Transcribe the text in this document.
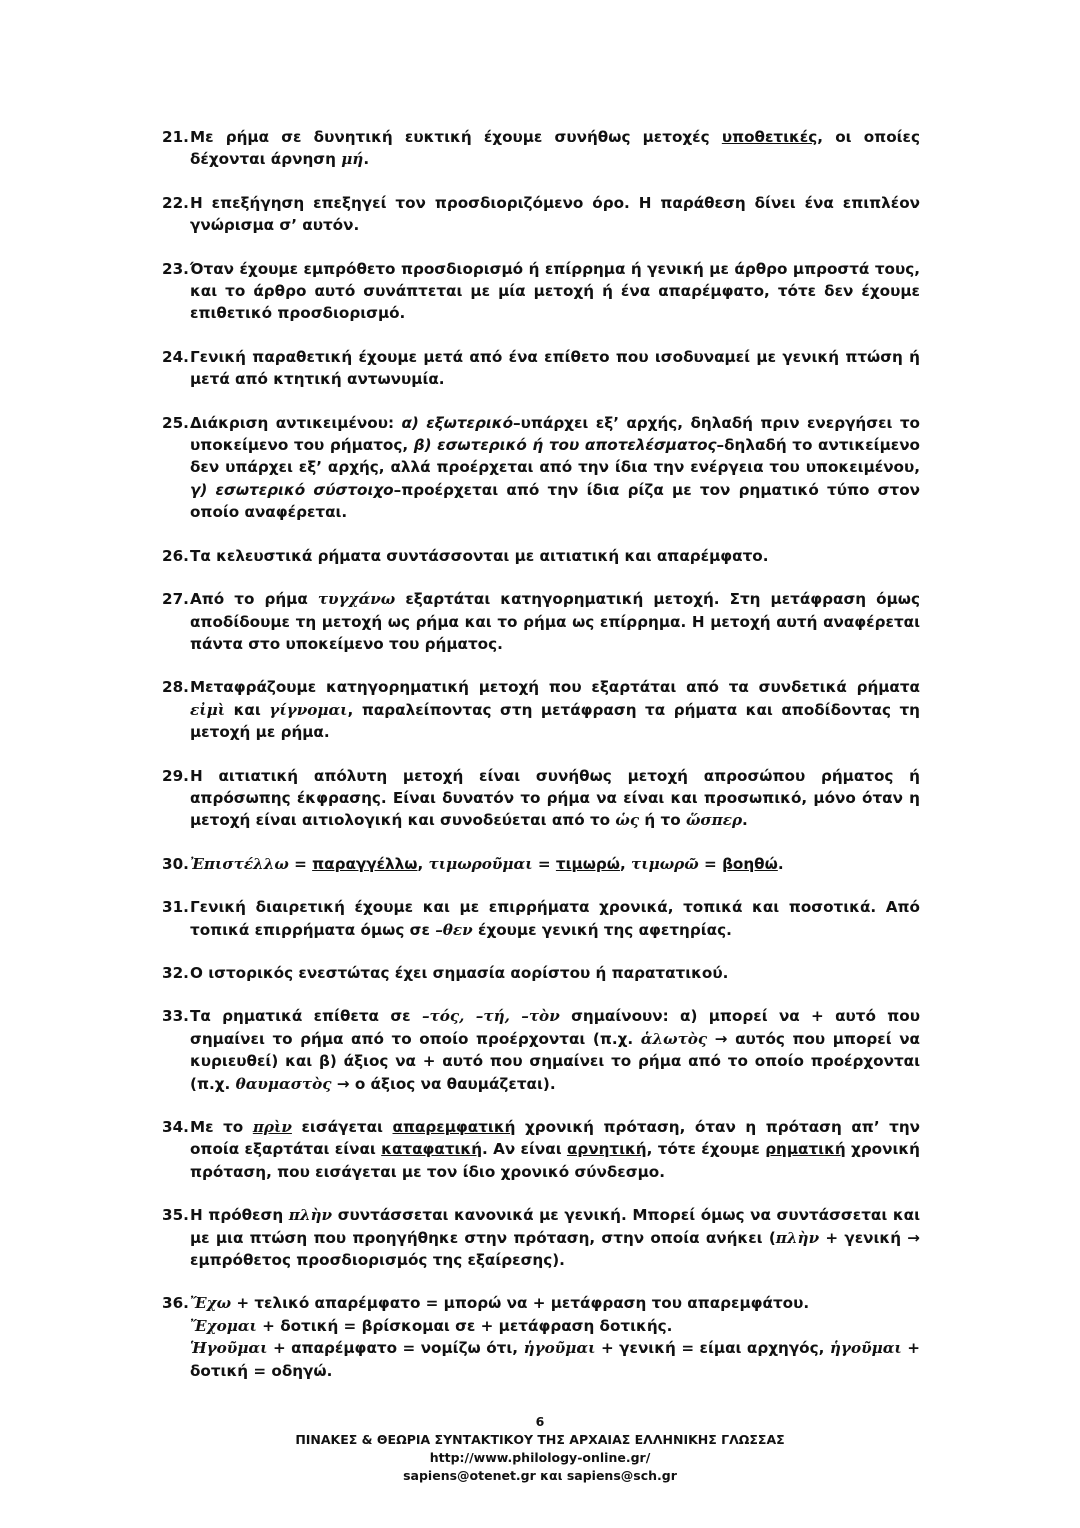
21. Με ρήμα σε δυνητική ευκτική έχουμε συνήθως μετοχές υποθετικές, οι οποίες δέχονται άρνηση μή.
22. Η επεξήγηση επεξηγεί τον προσδιοριζόμενο όρο. Η παράθεση δίνει ένα επιπλέον γνώρισμα σ’ αυτόν.
23. Όταν έχουμε εμπρόθετο προσδιορισμό ή επίρρημα ή γενική με άρθρο μπροστά τους, και το άρθρο αυτό συνάπτεται με μία μετοχή ή ένα απαρέμφατο, τότε δεν έχουμε επιθετικό προσδιορισμό.
24. Γενική παραθετική έχουμε μετά από ένα επίθετο που ισοδυναμεί με γενική πτώση ή μετά από κτητική αντωνυμία.
25. Διάκριση αντικειμένου: α) εξωτερικό–υπάρχει εξ’ αρχής, δηλαδή πριν ενεργήσει το υποκείμενο του ρήματος, β) εσωτερικό ή του αποτελέσματος–δηλαδή το αντικείμενο δεν υπάρχει εξ’ αρχής, αλλά προέρχεται από την ίδια την ενέργεια του υποκειμένου, γ) εσωτερικό σύστοιχο–προέρχεται από την ίδια ρίζα με τον ρηματικό τύπο στον οποίο αναφέρεται.
26. Τα κελευστικά ρήματα συντάσσονται με αιτιατική και απαρέμφατο.
27. Από το ρήμα τυγχάνω εξαρτάται κατηγορηματική μετοχή. Στη μετάφραση όμως αποδίδουμε τη μετοχή ως ρήμα και το ρήμα ως επίρρημα. Η μετοχή αυτή αναφέρεται πάντα στο υποκείμενο του ρήματος.
28. Μεταφράζουμε κατηγορηματική μετοχή που εξαρτάται από τα συνδετικά ρήματα εἰμὶ και γίγνομαι, παραλείποντας στη μετάφραση τα ρήματα και αποδίδοντας τη μετοχή με ρήμα.
29. Η αιτιατική απόλυτη μετοχή είναι συνήθως μετοχή απροσώπου ρήματος ή απρόσωπης έκφρασης. Είναι δυνατόν το ρήμα να είναι και προσωπικό, μόνο όταν η μετοχή είναι αιτιολογική και συνοδεύεται από το ὡς ή το ὥσπερ.
30. Ἐπιστέλλω = παραγγέλλω, τιμωροῦμαι = τιμωρώ, τιμωρῶ = βοηθώ.
31. Γενική διαιρετική έχουμε και με επιρρήματα χρονικά, τοπικά και ποσοτικά. Από τοπικά επιρρήματα όμως σε –θεν έχουμε γενική της αφετηρίας.
32. Ο ιστορικός ενεστώτας έχει σημασία αορίστου ή παρατατικού.
33. Τα ρηματικά επίθετα σε –τός, –τή, –τὸν σημαίνουν: α) μπορεί να + αυτό που σημαίνει το ρήμα από το οποίο προέρχονται (π.χ. ἁλωτὸς → αυτός που μπορεί να κυριευθεί) και β) άξιος να + αυτό που σημαίνει το ρήμα από το οποίο προέρχονται (π.χ. θαυμαστὸς → ο άξιος να θαυμάζεται).
34. Με το πρὶν εισάγεται απαρεμφατική χρονική πρόταση, όταν η πρόταση απ’ την οποία εξαρτάται είναι καταφατική. Αν είναι αρνητική, τότε έχουμε ρηματική χρονική πρόταση, που εισάγεται με τον ίδιο χρονικό σύνδεσμο.
35. Η πρόθεση πλὴν συντάσσεται κανονικά με γενική. Μπορεί όμως να συντάσσεται και με μια πτώση που προηγήθηκε στην πρόταση, στην οποία ανήκει (πλὴν + γενική → εμπρόθετος προσδιορισμός της εξαίρεσης).
36. Ἔχω + τελικό απαρέμφατο = μπορώ να + μετάφραση του απαρεμφάτου.
Ἔχομαι + δοτική = βρίσκομαι σε + μετάφραση δοτικής.
Ἡγοῦμαι + απαρέμφατο = νομίζω ότι, ἡγοῦμαι + γενική = είμαι αρχηγός, ἡγοῦμαι + δοτική = οδηγώ.
6
ΠΙΝΑΚΕΣ & ΘΕΩΡΙΑ ΣΥΝΤΑΚΤΙΚΟΥ ΤΗΣ ΑΡΧΑΙΑΣ ΕΛΛΗΝΙΚΗΣ ΓΛΩΣΣΑΣ
http://www.philology-online.gr/
sapiens@otenet.gr και sapiens@sch.gr
